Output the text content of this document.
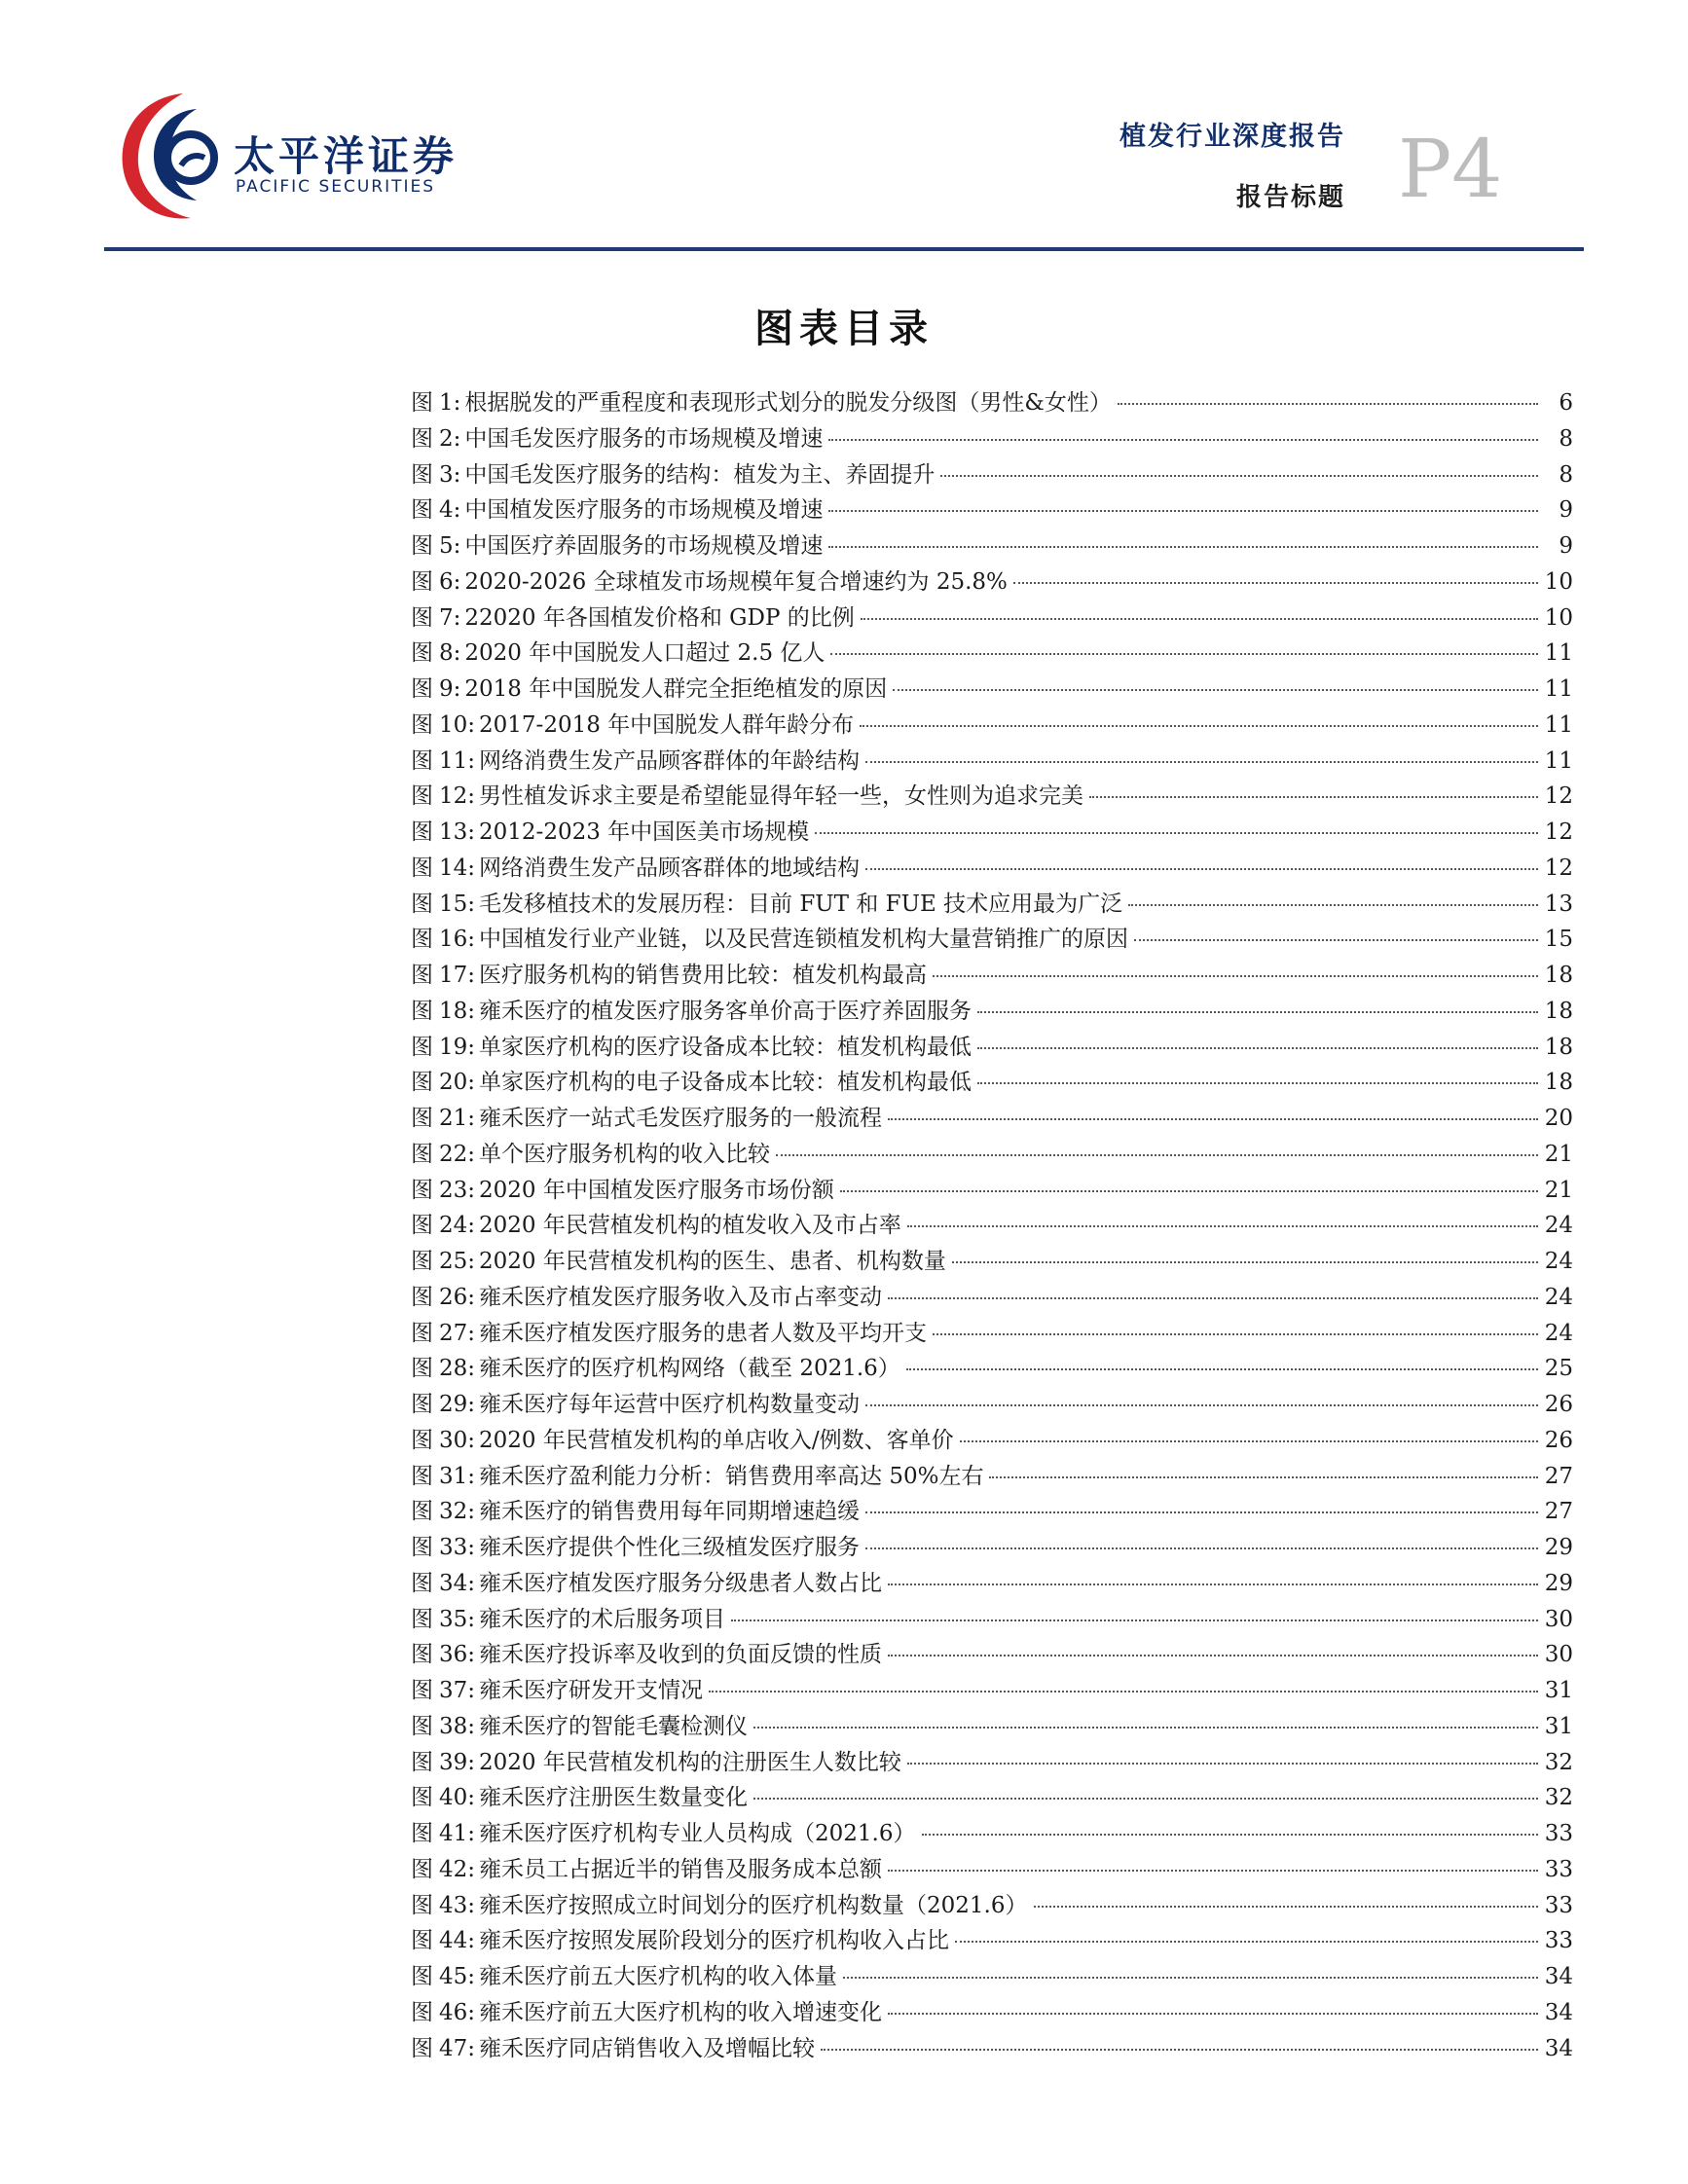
太平洋证券
PACIFIC SECURITIES
植发行业深度报告
报告标题 P4
图表目录
图 1: 根据脱发的严重程度和表现形式划分的脱发分级图（男性&女性）	6
图 2: 中国毛发医疗服务的市场规模及增速	8
图 3: 中国毛发医疗服务的结构：植发为主、养固提升	8
图 4: 中国植发医疗服务的市场规模及增速	9
图 5: 中国医疗养固服务的市场规模及增速	9
图 6: 2020-2026 全球植发市场规模年复合增速约为 25.8%	10
图 7: 22020 年各国植发价格和 GDP 的比例	10
图 8: 2020 年中国脱发人口超过 2.5 亿人	11
图 9: 2018 年中国脱发人群完全拒绝植发的原因	11
图 10: 2017-2018 年中国脱发人群年龄分布	11
图 11: 网络消费生发产品顾客群体的年龄结构	11
图 12: 男性植发诉求主要是希望能显得年轻一些，女性则为追求完美	12
图 13: 2012-2023 年中国医美市场规模	12
图 14: 网络消费生发产品顾客群体的地域结构	12
图 15: 毛发移植技术的发展历程：目前 FUT 和 FUE 技术应用最为广泛	13
图 16: 中国植发行业产业链，以及民营连锁植发机构大量营销推广的原因	15
图 17: 医疗服务机构的销售费用比较：植发机构最高	18
图 18: 雍禾医疗的植发医疗服务客单价高于医疗养固服务	18
图 19: 单家医疗机构的医疗设备成本比较：植发机构最低	18
图 20: 单家医疗机构的电子设备成本比较：植发机构最低	18
图 21: 雍禾医疗一站式毛发医疗服务的一般流程	20
图 22: 单个医疗服务机构的收入比较	21
图 23: 2020 年中国植发医疗服务市场份额	21
图 24: 2020 年民营植发机构的植发收入及市占率	24
图 25: 2020 年民营植发机构的医生、患者、机构数量	24
图 26: 雍禾医疗植发医疗服务收入及市占率变动	24
图 27: 雍禾医疗植发医疗服务的患者人数及平均开支	24
图 28: 雍禾医疗的医疗机构网络（截至 2021.6）	25
图 29: 雍禾医疗每年运营中医疗机构数量变动	26
图 30: 2020 年民营植发机构的单店收入/例数、客单价	26
图 31: 雍禾医疗盈利能力分析：销售费用率高达 50%左右	27
图 32: 雍禾医疗的销售费用每年同期增速趋缓	27
图 33: 雍禾医疗提供个性化三级植发医疗服务	29
图 34: 雍禾医疗植发医疗服务分级患者人数占比	29
图 35: 雍禾医疗的术后服务项目	30
图 36: 雍禾医疗投诉率及收到的负面反馈的性质	30
图 37: 雍禾医疗研发开支情况	31
图 38: 雍禾医疗的智能毛囊检测仪	31
图 39: 2020 年民营植发机构的注册医生人数比较	32
图 40: 雍禾医疗注册医生数量变化	32
图 41: 雍禾医疗医疗机构专业人员构成（2021.6）	33
图 42: 雍禾员工占据近半的销售及服务成本总额	33
图 43: 雍禾医疗按照成立时间划分的医疗机构数量（2021.6）	33
图 44: 雍禾医疗按照发展阶段划分的医疗机构收入占比	33
图 45: 雍禾医疗前五大医疗机构的收入体量	34
图 46: 雍禾医疗前五大医疗机构的收入增速变化	34
图 47: 雍禾医疗同店销售收入及增幅比较	34
